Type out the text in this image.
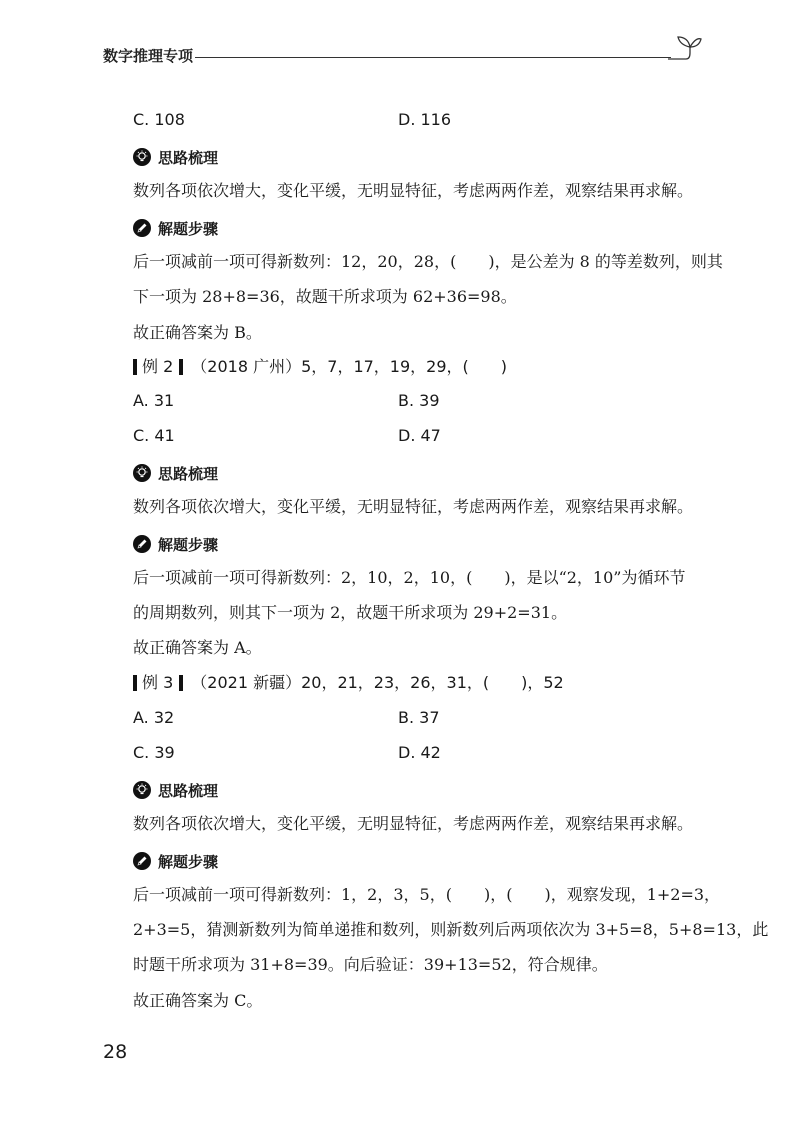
数字推理专项
C. 108	D. 116
思路梳理
数列各项依次增大，变化平缓，无明显特征，考虑两两作差，观察结果再求解。
解题步骤
后一项减前一项可得新数列：12，20，28，(　　)，是公差为 8 的等差数列，则其
下一项为 28+8=36，故题干所求项为 62+36=98。
故正确答案为 B。
例 2 （2018 广州）5，7，17，19，29，(　　)
A. 31	B. 39
C. 41	D. 47
思路梳理
数列各项依次增大，变化平缓，无明显特征，考虑两两作差，观察结果再求解。
解题步骤
后一项减前一项可得新数列：2，10，2，10，(　　)，是以“2，10”为循环节
的周期数列，则其下一项为 2，故题干所求项为 29+2=31。
故正确答案为 A。
例 3 （2021 新疆）20，21，23，26，31，(　　)，52
A. 32	B. 37
C. 39	D. 42
思路梳理
数列各项依次增大，变化平缓，无明显特征，考虑两两作差，观察结果再求解。
解题步骤
后一项减前一项可得新数列：1，2，3，5，(　　)，(　　)，观察发现，1+2=3，
2+3=5，猜测新数列为简单递推和数列，则新数列后两项依次为 3+5=8，5+8=13，此
时题干所求项为 31+8=39。向后验证：39+13=52，符合规律。
故正确答案为 C。
28
